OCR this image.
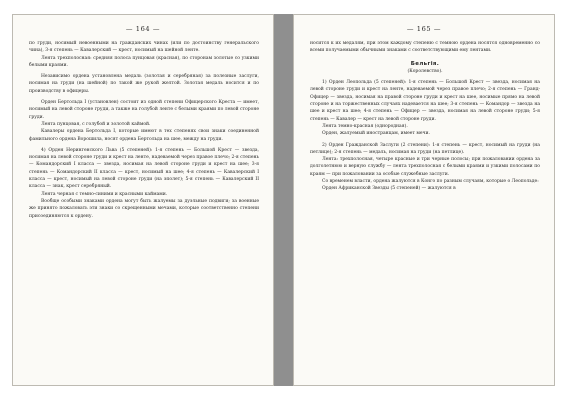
— 164 —

по груди, носимый невоенными на гражданских чинах (или по достоинству генеральского чина), 3-я степень — Кавалерский — крест, носимый на шейной ленте.

Лента трехполосная: средняя полоса пунцовая (красная), по сторонам золотые со узкими белыми краями.

Независимо ордена установлена медаль (золотая и серебряная) за полезные заслуги, носимая на груди (на шейной) по такой же рукой желтой. Золотая медаль носится и по производству в офицеры.

Орден Бертольда I (установлен) состоит из одной степени Офицерского Креста — имеет, носимый на левой стороне груди, а также на голубой ленте с белыми краями по левой стороне груди.

Лента пунцовая, с голубой и золотой каймой.

Кавалеры ордена Бертольда I, которые имеют в тех степенях свои знаки соединенной фамильного ордена Ворошила, носят ордена Бертольда на шее, между на груди.

4) Орден Нерингенского Льва (5 степеней): 1-я степень — Большой Крест — звезда, носимая на левой стороне груди и крест на ленте, надеваемой через правое плечо; 2-я степень — Командорский I класса — звезда, носимая на левой стороне груди и крест на шее; 3-я степень — Командорский II класса — крест, носимый на шее; 4-я степень — Кавалерский I класса — крест, носимый на левой стороне груди (на эполет); 5-я степень — Кавалерский II класса — знак, крест серебряный.

Лента черная с темно-синими и красными каймами.

Вообще особыми знаками ордена могут быть жалуемы за дуэльные подвиги; за военные же принято пожаловать эти знаки со скрещенными мечами, которые соответственно степени присоединяются к ордену.

— 165 —

носится к их медалям, при этом каждому степеню с темною ордена носятся одновременно со всеми получаемыми обычными знаками с соответствующими ему лентами.

Бельгія.

(Королевство).

1) Орден Леопольда (5 степеней): 1-я степень — Большой Крест — звезда, носимая на левой стороне груди и крест на ленте, надеваемой через правое плечо; 2-я степень — Гранд-Офицер — звезда, носимая на правой стороне груди и крест на шее, носимые прямо на левой стороне и на торжественных случаях надевается на шее; 3-я степень — Командор — звезда на шее и крест на шее; 4-я степень — Офицер — звезда, носимая на левой стороне груди; 5-я степень — Кавалер — крест на левой стороне груди.

Лента темно-красная (однородная).

Орден, жалуемый иностранцам, имеет мечи.

2) Орден Гражданской Заслуги (2 степени): 1-я степень — крест, носимый на груди (на петлице); 2-я степень — медаль, носимая на груди (на петлице).

Лента: трехполосная, четыре красные и три черные полосы; при пожаловании ордена за долголетнюю и верную службу — лента трехполосная с белыми краями и узкими полосами по краям — при пожаловании за особые служебные заслуги.

Со временем власти, ордена жалуются в Конго по разным случаям, которые о Леопольде:

Орден Африканской Звезды (5 степеней) — жалуются в
